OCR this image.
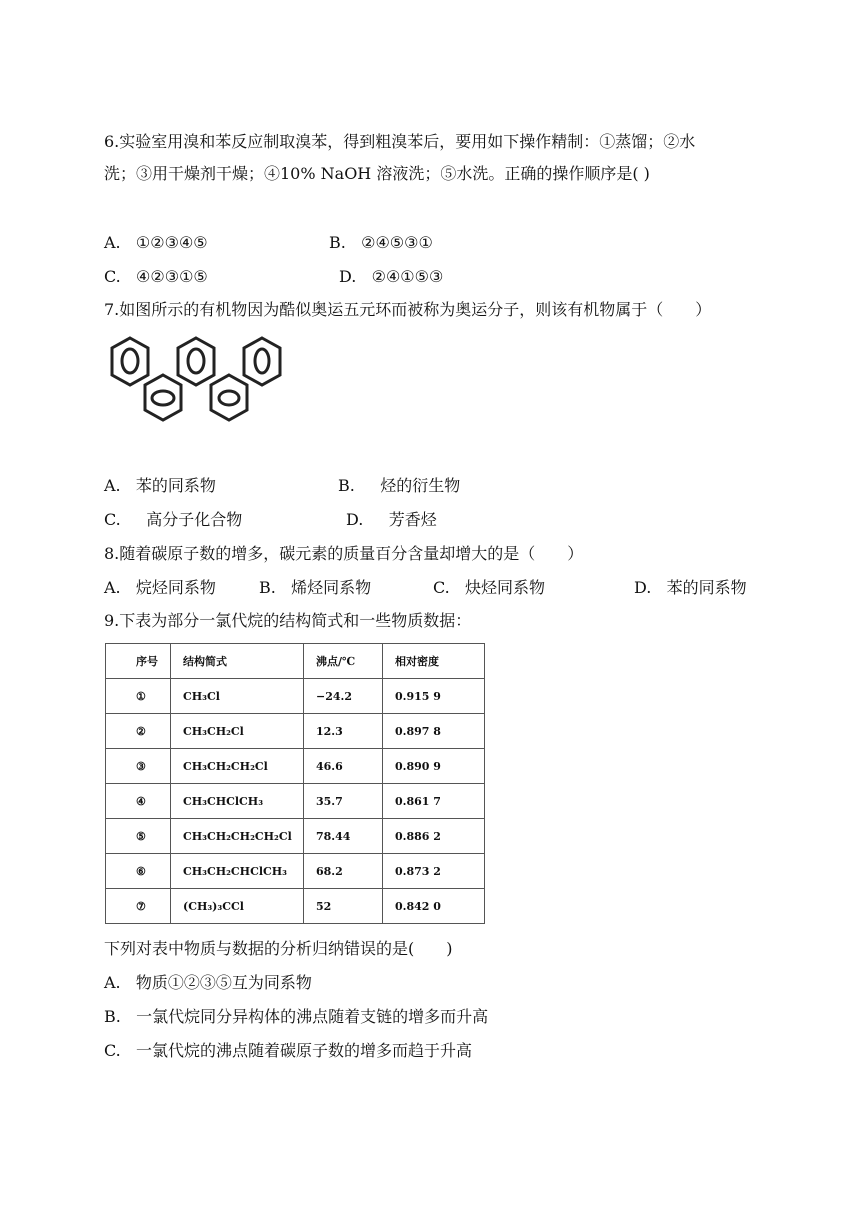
6.实验室用溴和苯反应制取溴苯，得到粗溴苯后，要用如下操作精制：①蒸馏；②水
洗；③用干燥剂干燥；④10% NaOH 溶液洗；⑤水洗。正确的操作顺序是( )
A. ①②③④⑤	B. ②④⑤③①
C. ④②③①⑤	D. ②④①⑤③
7.如图所示的有机物因为酷似奥运五元环而被称为奥运分子，则该有机物属于（　　）
A. 苯的同系物	B. 烃的衍生物
C. 高分子化合物	D. 芳香烃
8.随着碳原子数的增多，碳元素的质量百分含量却增大的是（　　）
A. 烷烃同系物	B. 烯烃同系物	C. 炔烃同系物	D. 苯的同系物
9.下表为部分一氯代烷的结构简式和一些物质数据：
序号	结构简式	沸点/℃	相对密度
①	CH₃Cl	−24.2	0.915 9
②	CH₃CH₂Cl	12.3	0.897 8
③	CH₃CH₂CH₂Cl	46.6	0.890 9
④	CH₃CHClCH₃	35.7	0.861 7
⑤	CH₃CH₂CH₂CH₂Cl	78.44	0.886 2
⑥	CH₃CH₂CHClCH₃	68.2	0.873 2
⑦	(CH₃)₃CCl	52	0.842 0
下列对表中物质与数据的分析归纳错误的是(　　)
A. 物质①②③⑤互为同系物
B. 一氯代烷同分异构体的沸点随着支链的增多而升高
C. 一氯代烷的沸点随着碳原子数的增多而趋于升高
